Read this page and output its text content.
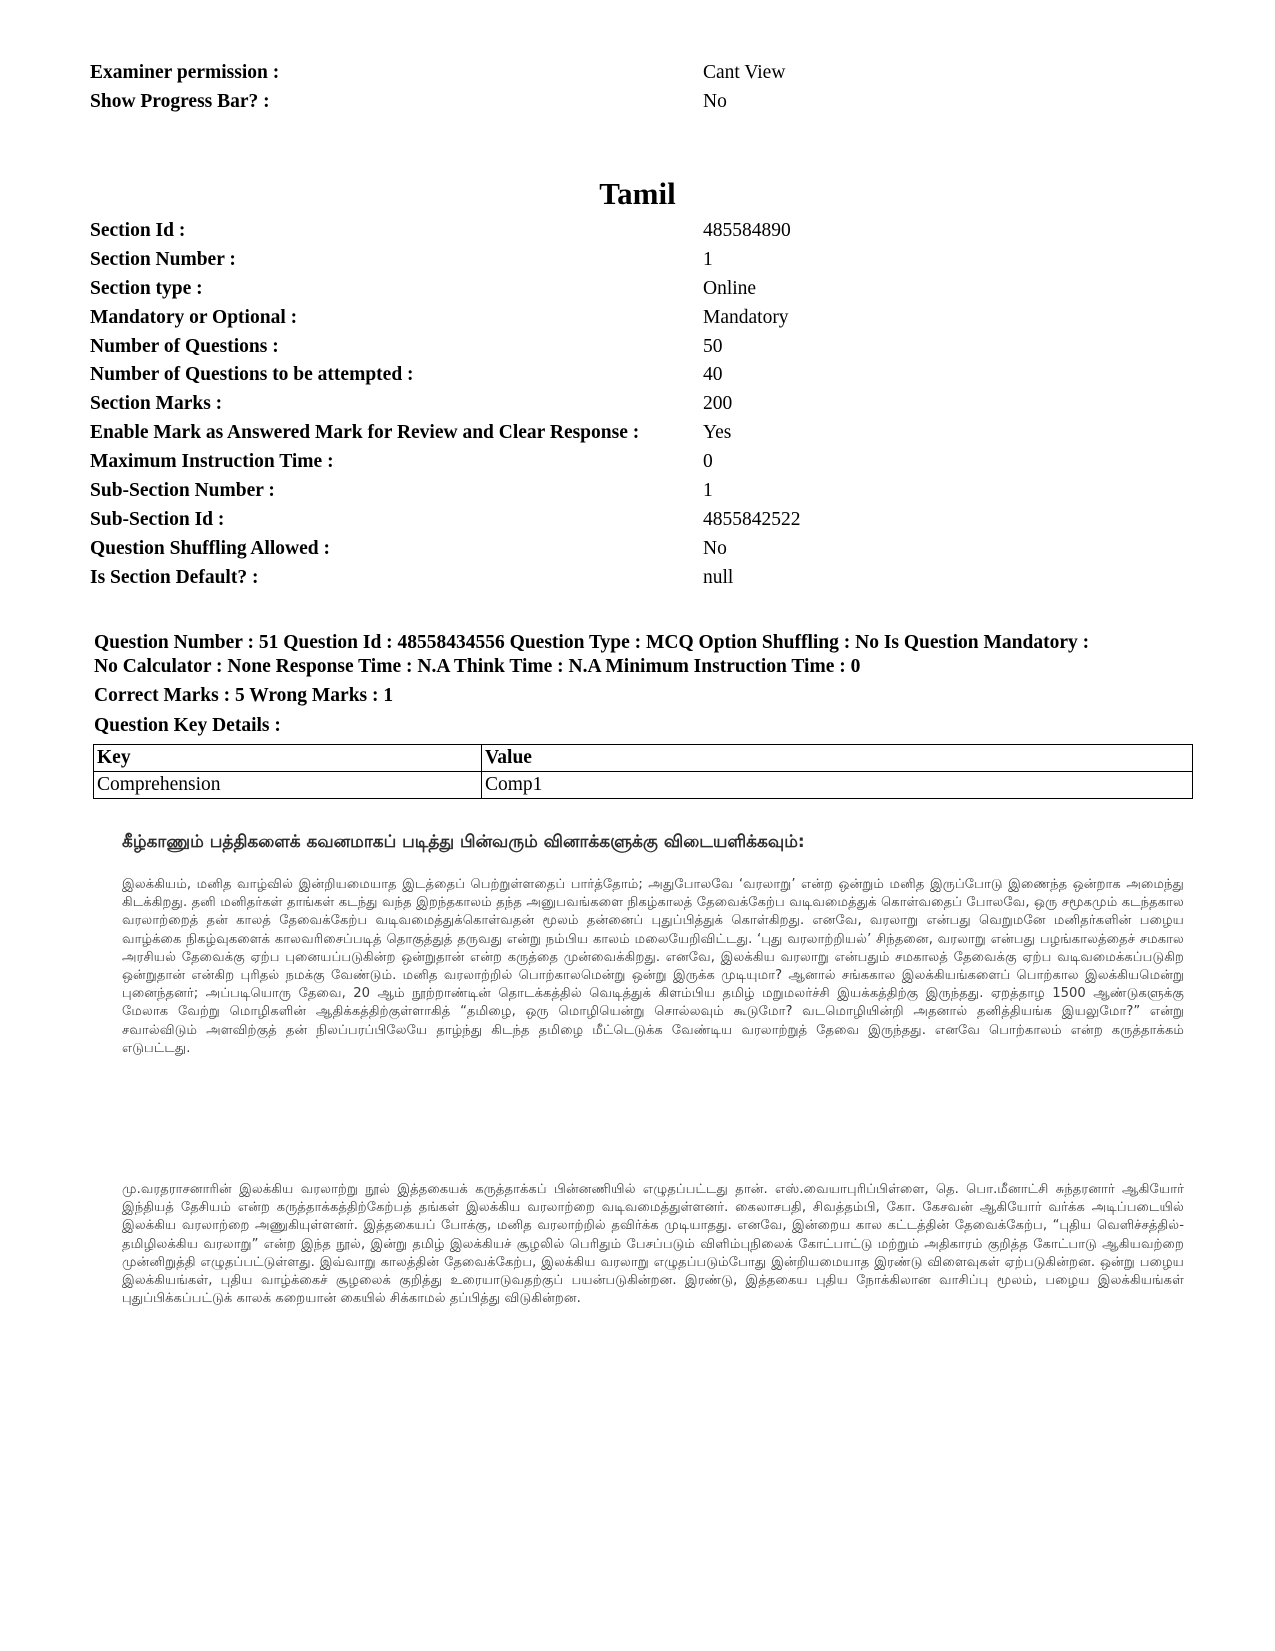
Examiner permission :	Cant View
Show Progress Bar? :	No
Tamil
Section Id :	485584890
Section Number :	1
Section type :	Online
Mandatory or Optional :	Mandatory
Number of Questions :	50
Number of Questions to be attempted :	40
Section Marks :	200
Enable Mark as Answered Mark for Review and Clear Response :	Yes
Maximum Instruction Time :	0
Sub-Section Number :	1
Sub-Section Id :	4855842522
Question Shuffling Allowed :	No
Is Section Default? :	null
Question Number : 51 Question Id : 48558434556 Question Type : MCQ Option Shuffling : No Is Question Mandatory :
No Calculator : None Response Time : N.A Think Time : N.A Minimum Instruction Time : 0
Correct Marks : 5 Wrong Marks : 1
Question Key Details :
Key	Value
Comprehension	Comp1
கீழ்காணும் பத்திகளைக் கவனமாகப் படித்து பின்வரும் வினாக்களுக்கு விடையளிக்கவும்:

இலக்கியம், மனித வாழ்வில் இன்றியமையாத இடத்தைப் பெற்றுள்ளதைப் பார்த்தோம்; அதுபோலவே ‘வரலாறு’ என்ற ஒன்றும் மனித இருப்போடு இணைந்த ஒன்றாக அமைந்து கிடக்கிறது. தனி மனிதர்கள் தாங்கள் கடந்து வந்த இறந்தகாலம் தந்த அனுபவங்களை நிகழ்காலத் தேவைக்கேற்ப வடிவமைத்துக் கொள்வதைப் போலவே, ஒரு சமூகமும் கடந்தகால வரலாற்றைத் தன் காலத் தேவைக்கேற்ப வடிவமைத்துக்கொள்வதன் மூலம் தன்னைப் புதுப்பித்துக் கொள்கிறது. எனவே, வரலாறு என்பது வெறுமனே மனிதர்களின் பழைய வாழ்க்கை நிகழ்வுகளைக் காலவரிசைப்படித் தொகுத்துத் தருவது என்று நம்பிய காலம் மலையேறிவிட்டது. ‘புது வரலாற்றியல்’ சிந்தனை, வரலாறு என்பது பழங்காலத்தைச் சமகால அரசியல் தேவைக்கு ஏற்ப புனையப்படுகின்ற ஒன்றுதான் என்ற கருத்தை முன்வைக்கிறது. எனவே, இலக்கிய வரலாறு என்பதும் சமகாலத் தேவைக்கு ஏற்ப வடிவமைக்கப்படுகிற ஒன்றுதான் என்கிற புரிதல் நமக்கு வேண்டும். மனித வரலாற்றில் பொற்காலமென்று ஒன்று இருக்க முடியுமா? ஆனால் சங்ககால இலக்கியங்களைப் பொற்கால இலக்கியமென்று புனைந்தனர்; அப்படியொரு தேவை, 20 ஆம் நூற்றாண்டின் தொடக்கத்தில் வெடித்துக் கிளம்பிய தமிழ் மறுமலர்ச்சி இயக்கத்திற்கு இருந்தது. ஏறத்தாழ 1500 ஆண்டுகளுக்கு மேலாக வேற்று மொழிகளின் ஆதிக்கத்திற்குள்ளாகித் “தமிழை, ஒரு மொழியென்று சொல்லவும் கூடுமோ? வடமொழியின்றி அதனால் தனித்தியங்க இயலுமோ?” என்று சவால்விடும் அளவிற்குத் தன் நிலப்பரப்பிலேயே தாழ்ந்து கிடந்த தமிழை மீட்டெடுக்க வேண்டிய வரலாற்றுத் தேவை இருந்தது. எனவே பொற்காலம் என்ற கருத்தாக்கம் எடுபட்டது.

மு.வரதராசனாரின் இலக்கிய வரலாற்று நூல் இத்தகையக் கருத்தாக்கப் பின்னணியில் எழுதப்பட்டது தான். எஸ்.வையாபுரிப்பிள்ளை, தெ. பொ.மீனாட்சி சுந்தரனார் ஆகியோர் இந்தியத் தேசியம் என்ற கருத்தாக்கத்திற்கேற்பத் தங்கள் இலக்கிய வரலாற்றை வடிவமைத்துள்ளனர். கைலாசபதி, சிவத்தம்பி, கோ. கேசவன் ஆகியோர் வர்க்க அடிப்படையில் இலக்கிய வரலாற்றை அணுகியுள்ளனர். இத்தகையப் போக்கு, மனித வரலாற்றில் தவிர்க்க முடியாதது. எனவே, இன்றைய கால கட்டத்தின் தேவைக்கேற்ப, “புதிய வெளிச்சத்தில்-தமிழிலக்கிய வரலாறு” என்ற இந்த நூல், இன்று தமிழ் இலக்கியச் சூழலில் பெரிதும் பேசப்படும் விளிம்புநிலைக் கோட்பாட்டு மற்றும் அதிகாரம் குறித்த கோட்பாடு ஆகியவற்றை முன்னிறுத்தி எழுதப்பட்டுள்ளது. இவ்வாறு காலத்தின் தேவைக்கேற்ப, இலக்கிய வரலாறு எழுதப்படும்போது இன்றியமையாத இரண்டு விளைவுகள் ஏற்படுகின்றன. ஒன்று பழைய இலக்கியங்கள், புதிய வாழ்க்கைச் சூழலைக் குறித்து உரையாடுவதற்குப் பயன்படுகின்றன. இரண்டு, இத்தகைய புதிய நோக்கிலான வாசிப்பு மூலம், பழைய இலக்கியங்கள் புதுப்பிக்கப்பட்டுக் காலக் கறையான் கையில் சிக்காமல் தப்பித்து விடுகின்றன.
